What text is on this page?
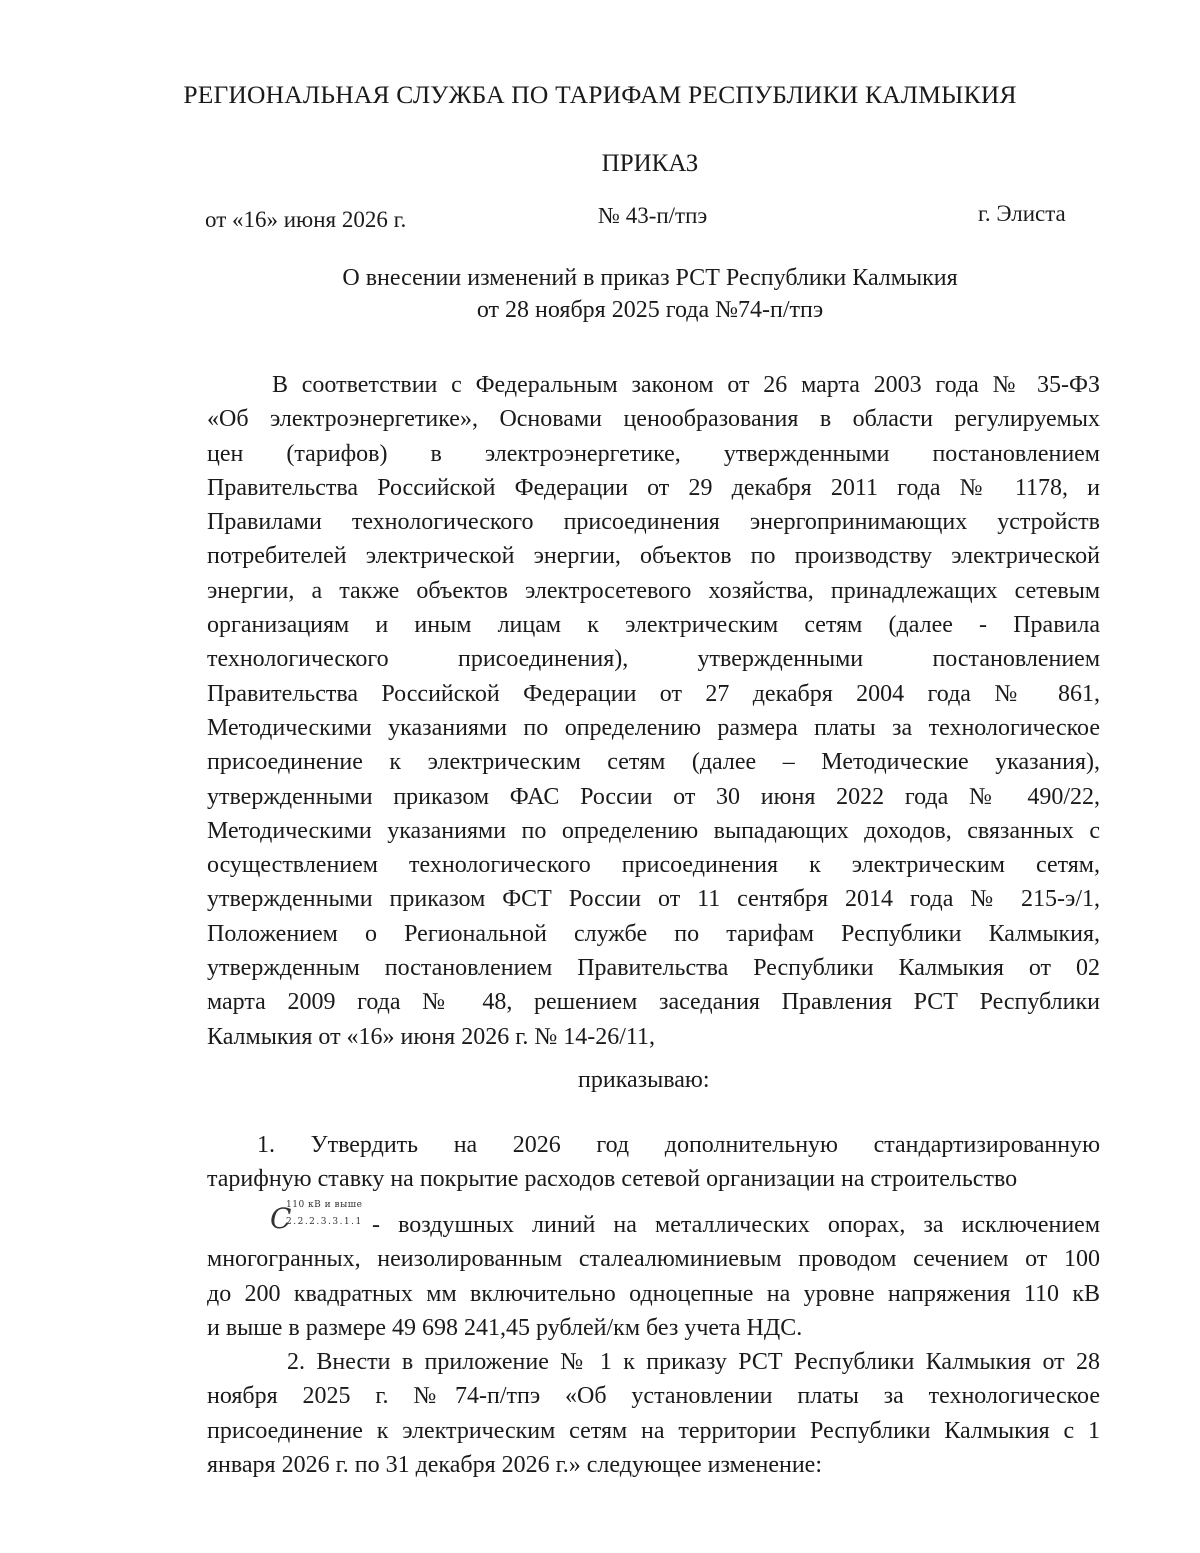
РЕГИОНАЛЬНАЯ СЛУЖБА ПО ТАРИФАМ РЕСПУБЛИКИ КАЛМЫКИЯ
ПРИКАЗ
от «16» июня 2026 г.	№ 43-п/тпэ	г. Элиста
О внесении изменений в приказ РСТ Республики Калмыкия
от 28 ноября 2025 года №74-п/тпэ
В соответствии с Федеральным законом от 26 марта 2003 года № 35-ФЗ
«Об электроэнергетике», Основами ценообразования в области регулируемых
цен (тарифов) в электроэнергетике, утвержденными постановлением
Правительства Российской Федерации от 29 декабря 2011 года № 1178, и
Правилами технологического присоединения энергопринимающих устройств
потребителей электрической энергии, объектов по производству электрической
энергии, а также объектов электросетевого хозяйства, принадлежащих сетевым
организациям и иным лицам к электрическим сетям (далее - Правила
технологического присоединения), утвержденными постановлением
Правительства Российской Федерации от 27 декабря 2004 года № 861,
Методическими указаниями по определению размера платы за технологическое
присоединение к электрическим сетям (далее – Методические указания),
утвержденными приказом ФАС России от 30 июня 2022 года № 490/22,
Методическими указаниями по определению выпадающих доходов, связанных с
осуществлением технологического присоединения к электрическим сетям,
утвержденными приказом ФСТ России от 11 сентября 2014 года № 215-э/1,
Положением о Региональной службе по тарифам Республики Калмыкия,
утвержденным постановлением Правительства Республики Калмыкия от 02
марта 2009 года № 48, решением заседания Правления РСТ Республики
Калмыкия от «16» июня 2026 г. № 14-26/11,
приказываю:
1. Утвердить на 2026 год дополнительную стандартизированную
тарифную ставку на покрытие расходов сетевой организации на строительство
C
110 кВ и выше
2.2.2.3.3.1.1 - воздушных линий на металлических опорах, за исключением
многогранных, неизолированным сталеалюминиевым проводом сечением от 100
до 200 квадратных мм включительно одноцепные на уровне напряжения 110 кВ
и выше в размере 49 698 241,45 рублей/км без учета НДС.
2. Внести в приложение № 1 к приказу РСТ Республики Калмыкия от 28
ноября 2025 г. №74-п/тпэ «Об установлении платы за технологическое
присоединение к электрическим сетям на территории Республики Калмыкия с 1
января 2026 г. по 31 декабря 2026 г.» следующее изменение:
